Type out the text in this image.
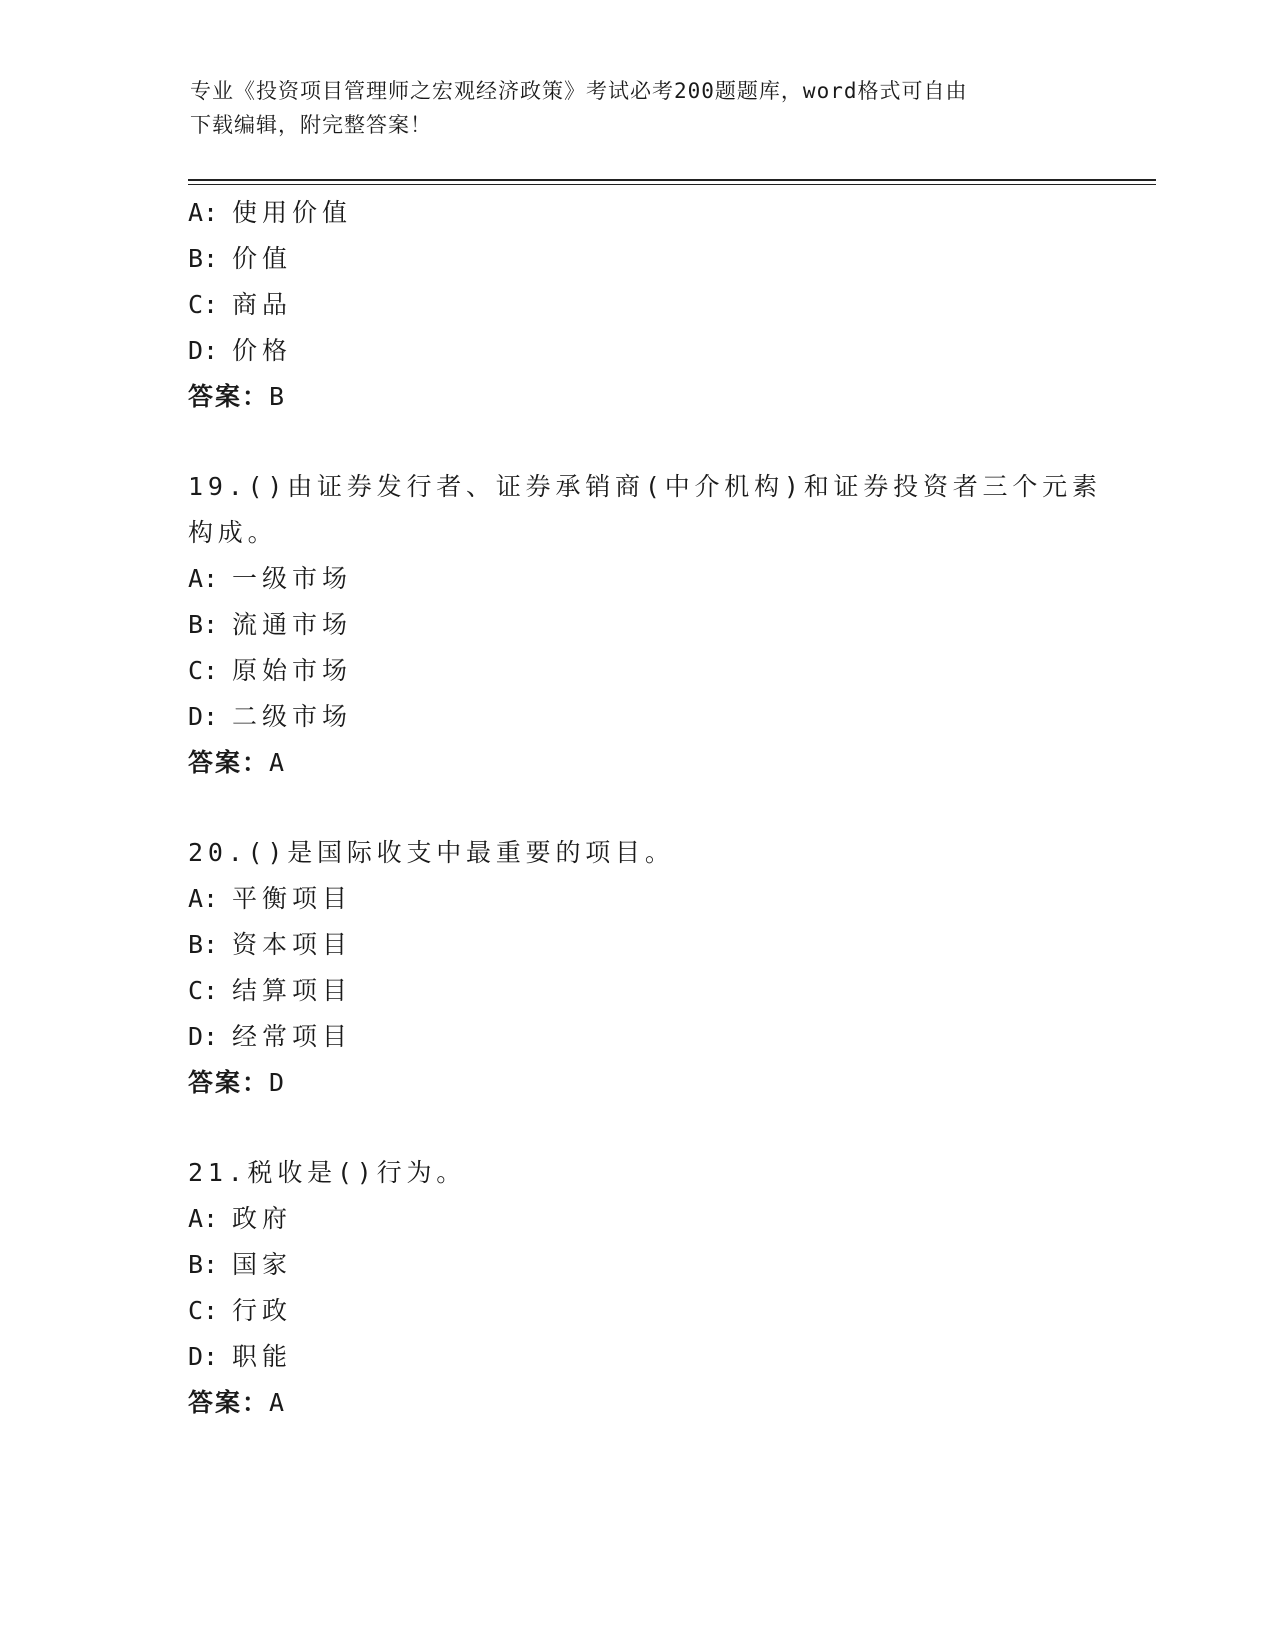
专业《投资项目管理师之宏观经济政策》考试必考200题题库，word格式可自由
下载编辑，附完整答案！
A: 使用价值
B: 价值
C: 商品
D: 价格
答案：B
19.()由证券发行者、证券承销商(中介机构)和证券投资者三个元素构成。
A: 一级市场
B: 流通市场
C: 原始市场
D: 二级市场
答案：A
20.()是国际收支中最重要的项目。
A: 平衡项目
B: 资本项目
C: 结算项目
D: 经常项目
答案：D
21.税收是()行为。
A: 政府
B: 国家
C: 行政
D: 职能
答案：A
